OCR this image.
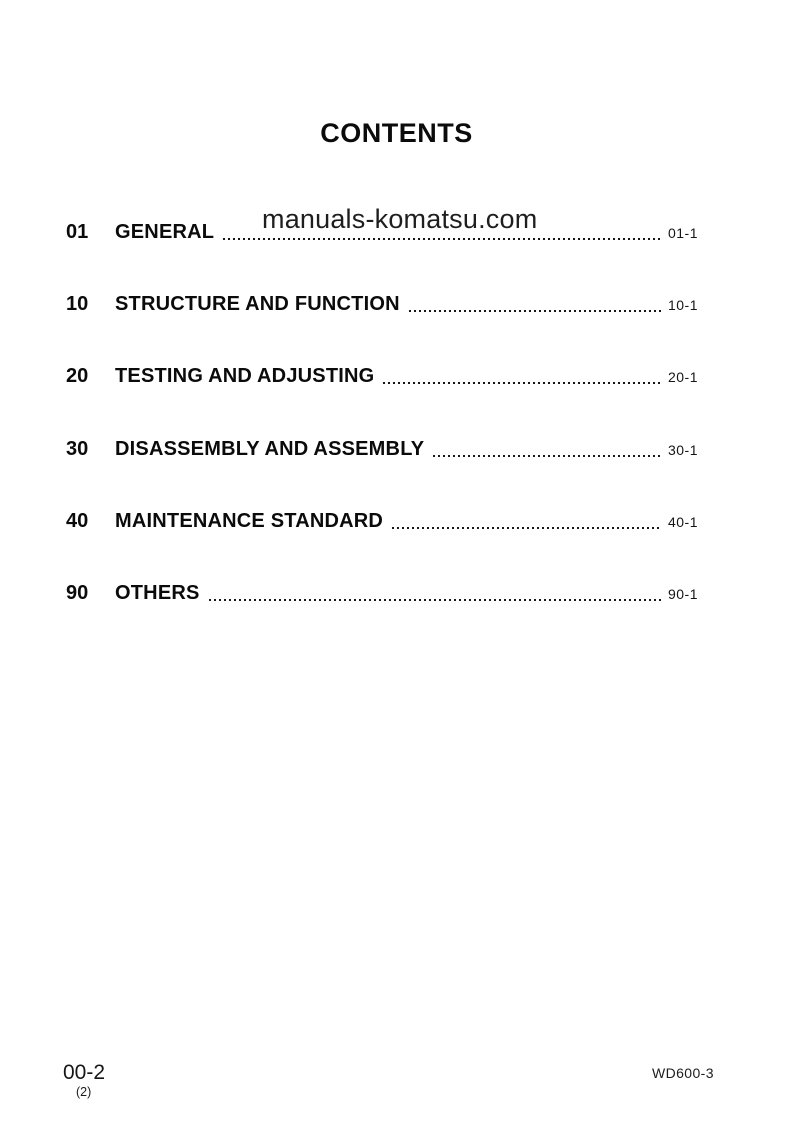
CONTENTS
01	GENERAL	01-1
10	STRUCTURE AND FUNCTION	10-1
20	TESTING AND ADJUSTING	20-1
30	DISASSEMBLY AND ASSEMBLY	30-1
40	MAINTENANCE STANDARD	40-1
90	OTHERS	90-1
manuals-komatsu.com
00-2
(2)
WD600-3
